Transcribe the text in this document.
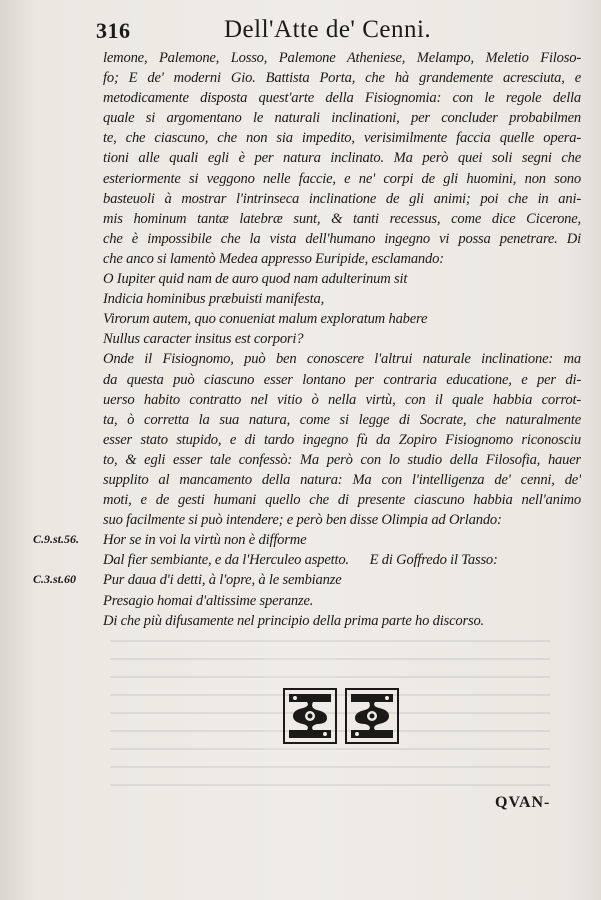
316	Dell'Atte de' Cenni.
lemone, Palemone, Losso, Palemone Atheniese, Melampo, Meletio Filoso-
fo; E de' moderni Gio. Battista Porta, che hà grandemente acresciuta, e
metodicamente disposta quest'arte della Fisiognomia: con le regole della
quale si argomentano le naturali inclinationi, per concluder probabilmen
te, che ciascuno, che non sia impedito, verisimilmente faccia quelle opera-
tioni alle quali egli è per natura inclinato. Ma però quei soli segni che
esteriormente si veggono nelle faccie, e ne' corpi de gli huomini, non sono
basteuoli à mostrar l'intrinseca inclinatione de gli animi; poi che in ani-
mis hominum tantæ latebræ sunt, & tanti recessus, come dice Cicerone,
che è impossibile che la vista dell'humano ingegno vi possa penetrare. Di
che anco si lamentò Medea appresso Euripide, esclamando:
O Iupiter quid nam de auro quod nam adulterinum sit
Indicia hominibus præbuisti manifesta,
Virorum autem, quo conueniat malum exploratum habere
Nullus caracter insitus est corpori?
Onde il Fisiognomo, può ben conoscere l'altrui naturale inclinatione: ma
da questa può ciascuno esser lontano per contraria educatione, e per di-
uerso habito contratto nel vitio ò nella virtù, con il quale habbia corrot-
ta, ò corretta la sua natura, come si legge di Socrate, che naturalmente
esser stato stupido, e di tardo ingegno fù da Zopiro Fisiognomo riconosciu
to, & egli esser tale confessò: Ma però con lo studio della Filosofia, hauer
supplito al mancamento della natura: Ma con l'intelligenza de' cenni, de'
moti, e de gesti humani quello che di presente ciascuno habbia nell'animo
suo facilmente si può intendere; e però ben disse Olimpia ad Orlando:
Hor se in voi la virtù non è difforme
Dal fier sembiante, e da l'Herculeo aspetto.      E di Goffredo il Tasso:
Pur daua d'i detti, à l'opre, à le sembianze
Presagio homai d'altissime speranze.
Di che più difusamente nel principio della prima parte ho discorso.
C.9.st.56.
C.3.st.60
QVAN-
